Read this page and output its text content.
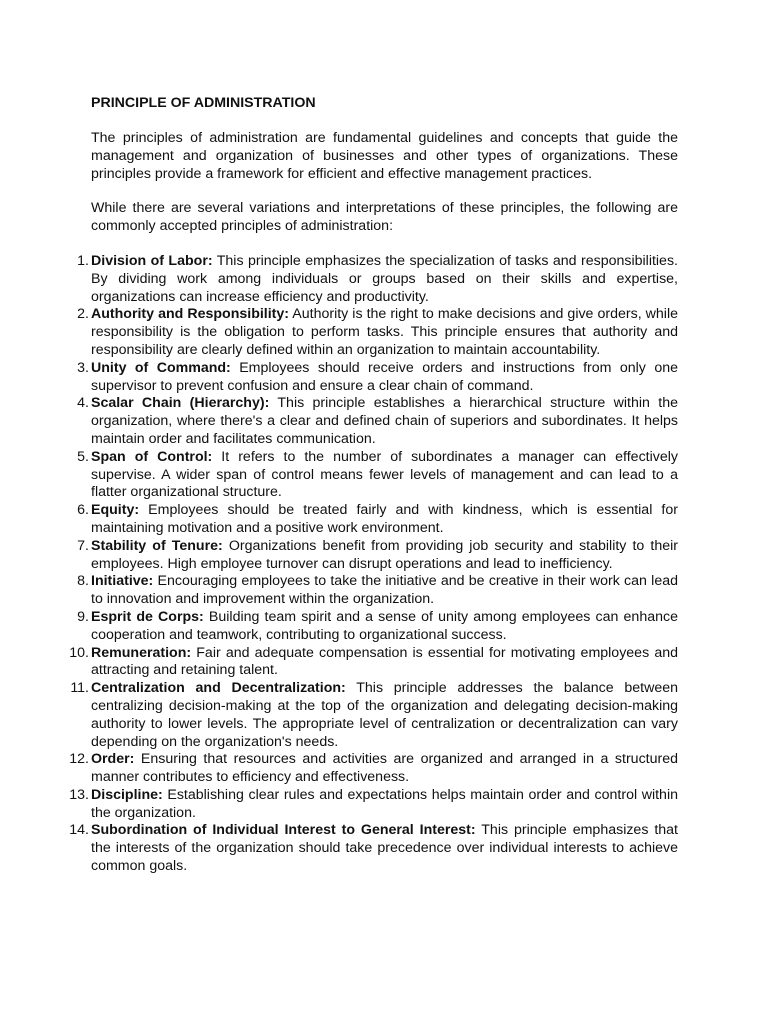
PRINCIPLE OF ADMINISTRATION

The principles of administration are fundamental guidelines and concepts that guide the management and organization of businesses and other types of organizations. These principles provide a framework for efficient and effective management practices.

While there are several variations and interpretations of these principles, the following are commonly accepted principles of administration:

1. Division of Labor: This principle emphasizes the specialization of tasks and responsibilities. By dividing work among individuals or groups based on their skills and expertise, organizations can increase efficiency and productivity.
2. Authority and Responsibility: Authority is the right to make decisions and give orders, while responsibility is the obligation to perform tasks. This principle ensures that authority and responsibility are clearly defined within an organization to maintain accountability.
3. Unity of Command: Employees should receive orders and instructions from only one supervisor to prevent confusion and ensure a clear chain of command.
4. Scalar Chain (Hierarchy): This principle establishes a hierarchical structure within the organization, where there's a clear and defined chain of superiors and subordinates. It helps maintain order and facilitates communication.
5. Span of Control: It refers to the number of subordinates a manager can effectively supervise. A wider span of control means fewer levels of management and can lead to a flatter organizational structure.
6. Equity: Employees should be treated fairly and with kindness, which is essential for maintaining motivation and a positive work environment.
7. Stability of Tenure: Organizations benefit from providing job security and stability to their employees. High employee turnover can disrupt operations and lead to inefficiency.
8. Initiative: Encouraging employees to take the initiative and be creative in their work can lead to innovation and improvement within the organization.
9. Esprit de Corps: Building team spirit and a sense of unity among employees can enhance cooperation and teamwork, contributing to organizational success.
10. Remuneration: Fair and adequate compensation is essential for motivating employees and attracting and retaining talent.
11. Centralization and Decentralization: This principle addresses the balance between centralizing decision-making at the top of the organization and delegating decision-making authority to lower levels. The appropriate level of centralization or decentralization can vary depending on the organization's needs.
12. Order: Ensuring that resources and activities are organized and arranged in a structured manner contributes to efficiency and effectiveness.
13. Discipline: Establishing clear rules and expectations helps maintain order and control within the organization.
14. Subordination of Individual Interest to General Interest: This principle emphasizes that the interests of the organization should take precedence over individual interests to achieve common goals.
